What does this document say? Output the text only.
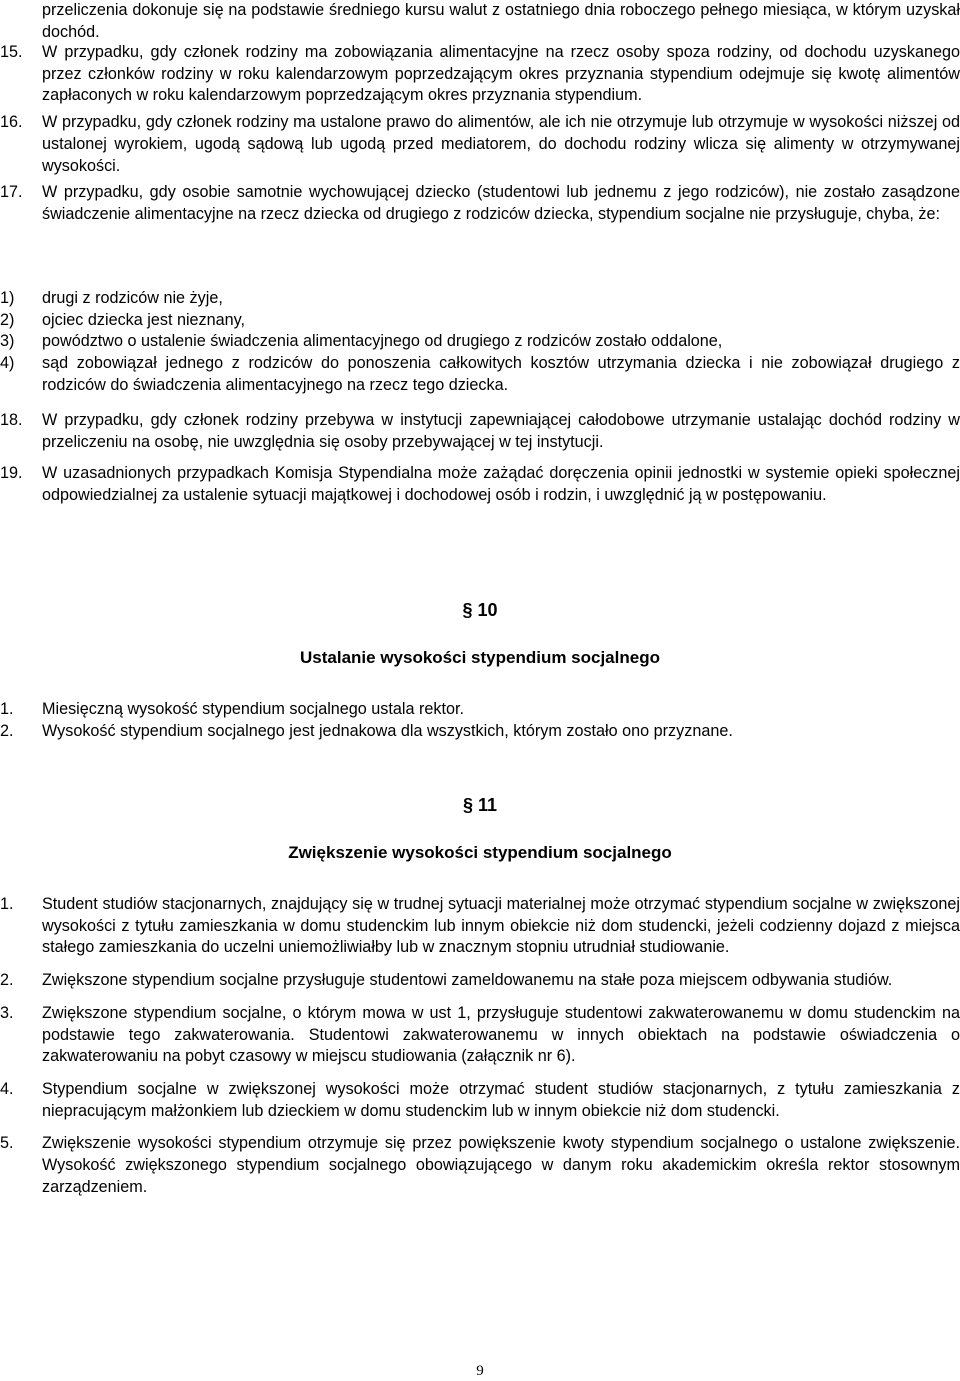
przeliczenia dokonuje się na podstawie średniego kursu walut z ostatniego dnia roboczego pełnego miesiąca, w którym uzyskał dochód.

15. W przypadku, gdy członek rodziny ma zobowiązania alimentacyjne na rzecz osoby spoza rodziny, od dochodu uzyskanego przez członków rodziny w roku kalendarzowym poprzedzającym okres przyznania stypendium odejmuje się kwotę alimentów zapłaconych w roku kalendarzowym poprzedzającym okres przyznania stypendium.

16. W przypadku, gdy członek rodziny ma ustalone prawo do alimentów, ale ich nie otrzymuje lub otrzymuje w wysokości niższej od ustalonej wyrokiem, ugodą sądową lub ugodą przed mediatorem, do dochodu rodziny wlicza się alimenty w otrzymywanej wysokości.

17. W przypadku, gdy osobie samotnie wychowującej dziecko (studentowi lub jednemu z jego rodziców), nie zostało zasądzone świadczenie alimentacyjne na rzecz dziecka od drugiego z rodziców dziecka, stypendium socjalne nie przysługuje, chyba, że:

1) drugi z rodziców nie żyje,

2) ojciec dziecka jest nieznany,

3) powództwo o ustalenie świadczenia alimentacyjnego od drugiego z rodziców zostało oddalone,

4) sąd zobowiązał jednego z rodziców do ponoszenia całkowitych kosztów utrzymania dziecka i nie zobowiązał drugiego z rodziców do świadczenia alimentacyjnego na rzecz tego dziecka.

18. W przypadku, gdy członek rodziny przebywa w instytucji zapewniającej całodobowe utrzymanie ustalając dochód rodziny w przeliczeniu na osobę, nie uwzględnia się osoby przebywającej w tej instytucji.

19. W uzasadnionych przypadkach Komisja Stypendialna może zażądać doręczenia opinii jednostki w systemie opieki społecznej odpowiedzialnej za ustalenie sytuacji majątkowej i dochodowej osób i rodzin, i uwzględnić ją w postępowaniu.

§ 10
Ustalanie wysokości stypendium socjalnego
1. Miesięczną wysokość stypendium socjalnego ustala rektor.

2. Wysokość stypendium socjalnego jest jednakowa dla wszystkich, którym zostało ono przyznane.

§ 11
Zwiększenie wysokości stypendium socjalnego
1. Student studiów stacjonarnych, znajdujący się w trudnej sytuacji materialnej może otrzymać stypendium socjalne w zwiększonej wysokości z tytułu zamieszkania w domu studenckim lub innym obiekcie niż dom studencki, jeżeli codzienny dojazd z miejsca stałego zamieszkania do uczelni uniemożliwiałby lub w znacznym stopniu utrudniał studiowanie.

2. Zwiększone stypendium socjalne przysługuje studentowi zameldowanemu na stałe poza miejscem odbywania studiów.

3. Zwiększone stypendium socjalne, o którym mowa w ust 1, przysługuje studentowi zakwaterowanemu w domu studenckim na podstawie tego zakwaterowania. Studentowi zakwaterowanemu w innych obiektach na podstawie oświadczenia o zakwaterowaniu na pobyt czasowy w miejscu studiowania (załącznik nr 6).

4. Stypendium socjalne w zwiększonej wysokości może otrzymać student studiów stacjonarnych, z tytułu zamieszkania z niepracującym małżonkiem lub dzieckiem w domu studenckim lub w innym obiekcie niż dom studencki.

5. Zwiększenie wysokości stypendium otrzymuje się przez powiększenie kwoty stypendium socjalnego o ustalone zwiększenie. Wysokość zwiększonego stypendium socjalnego obowiązującego w danym roku akademickim określa rektor stosownym zarządzeniem.

9
